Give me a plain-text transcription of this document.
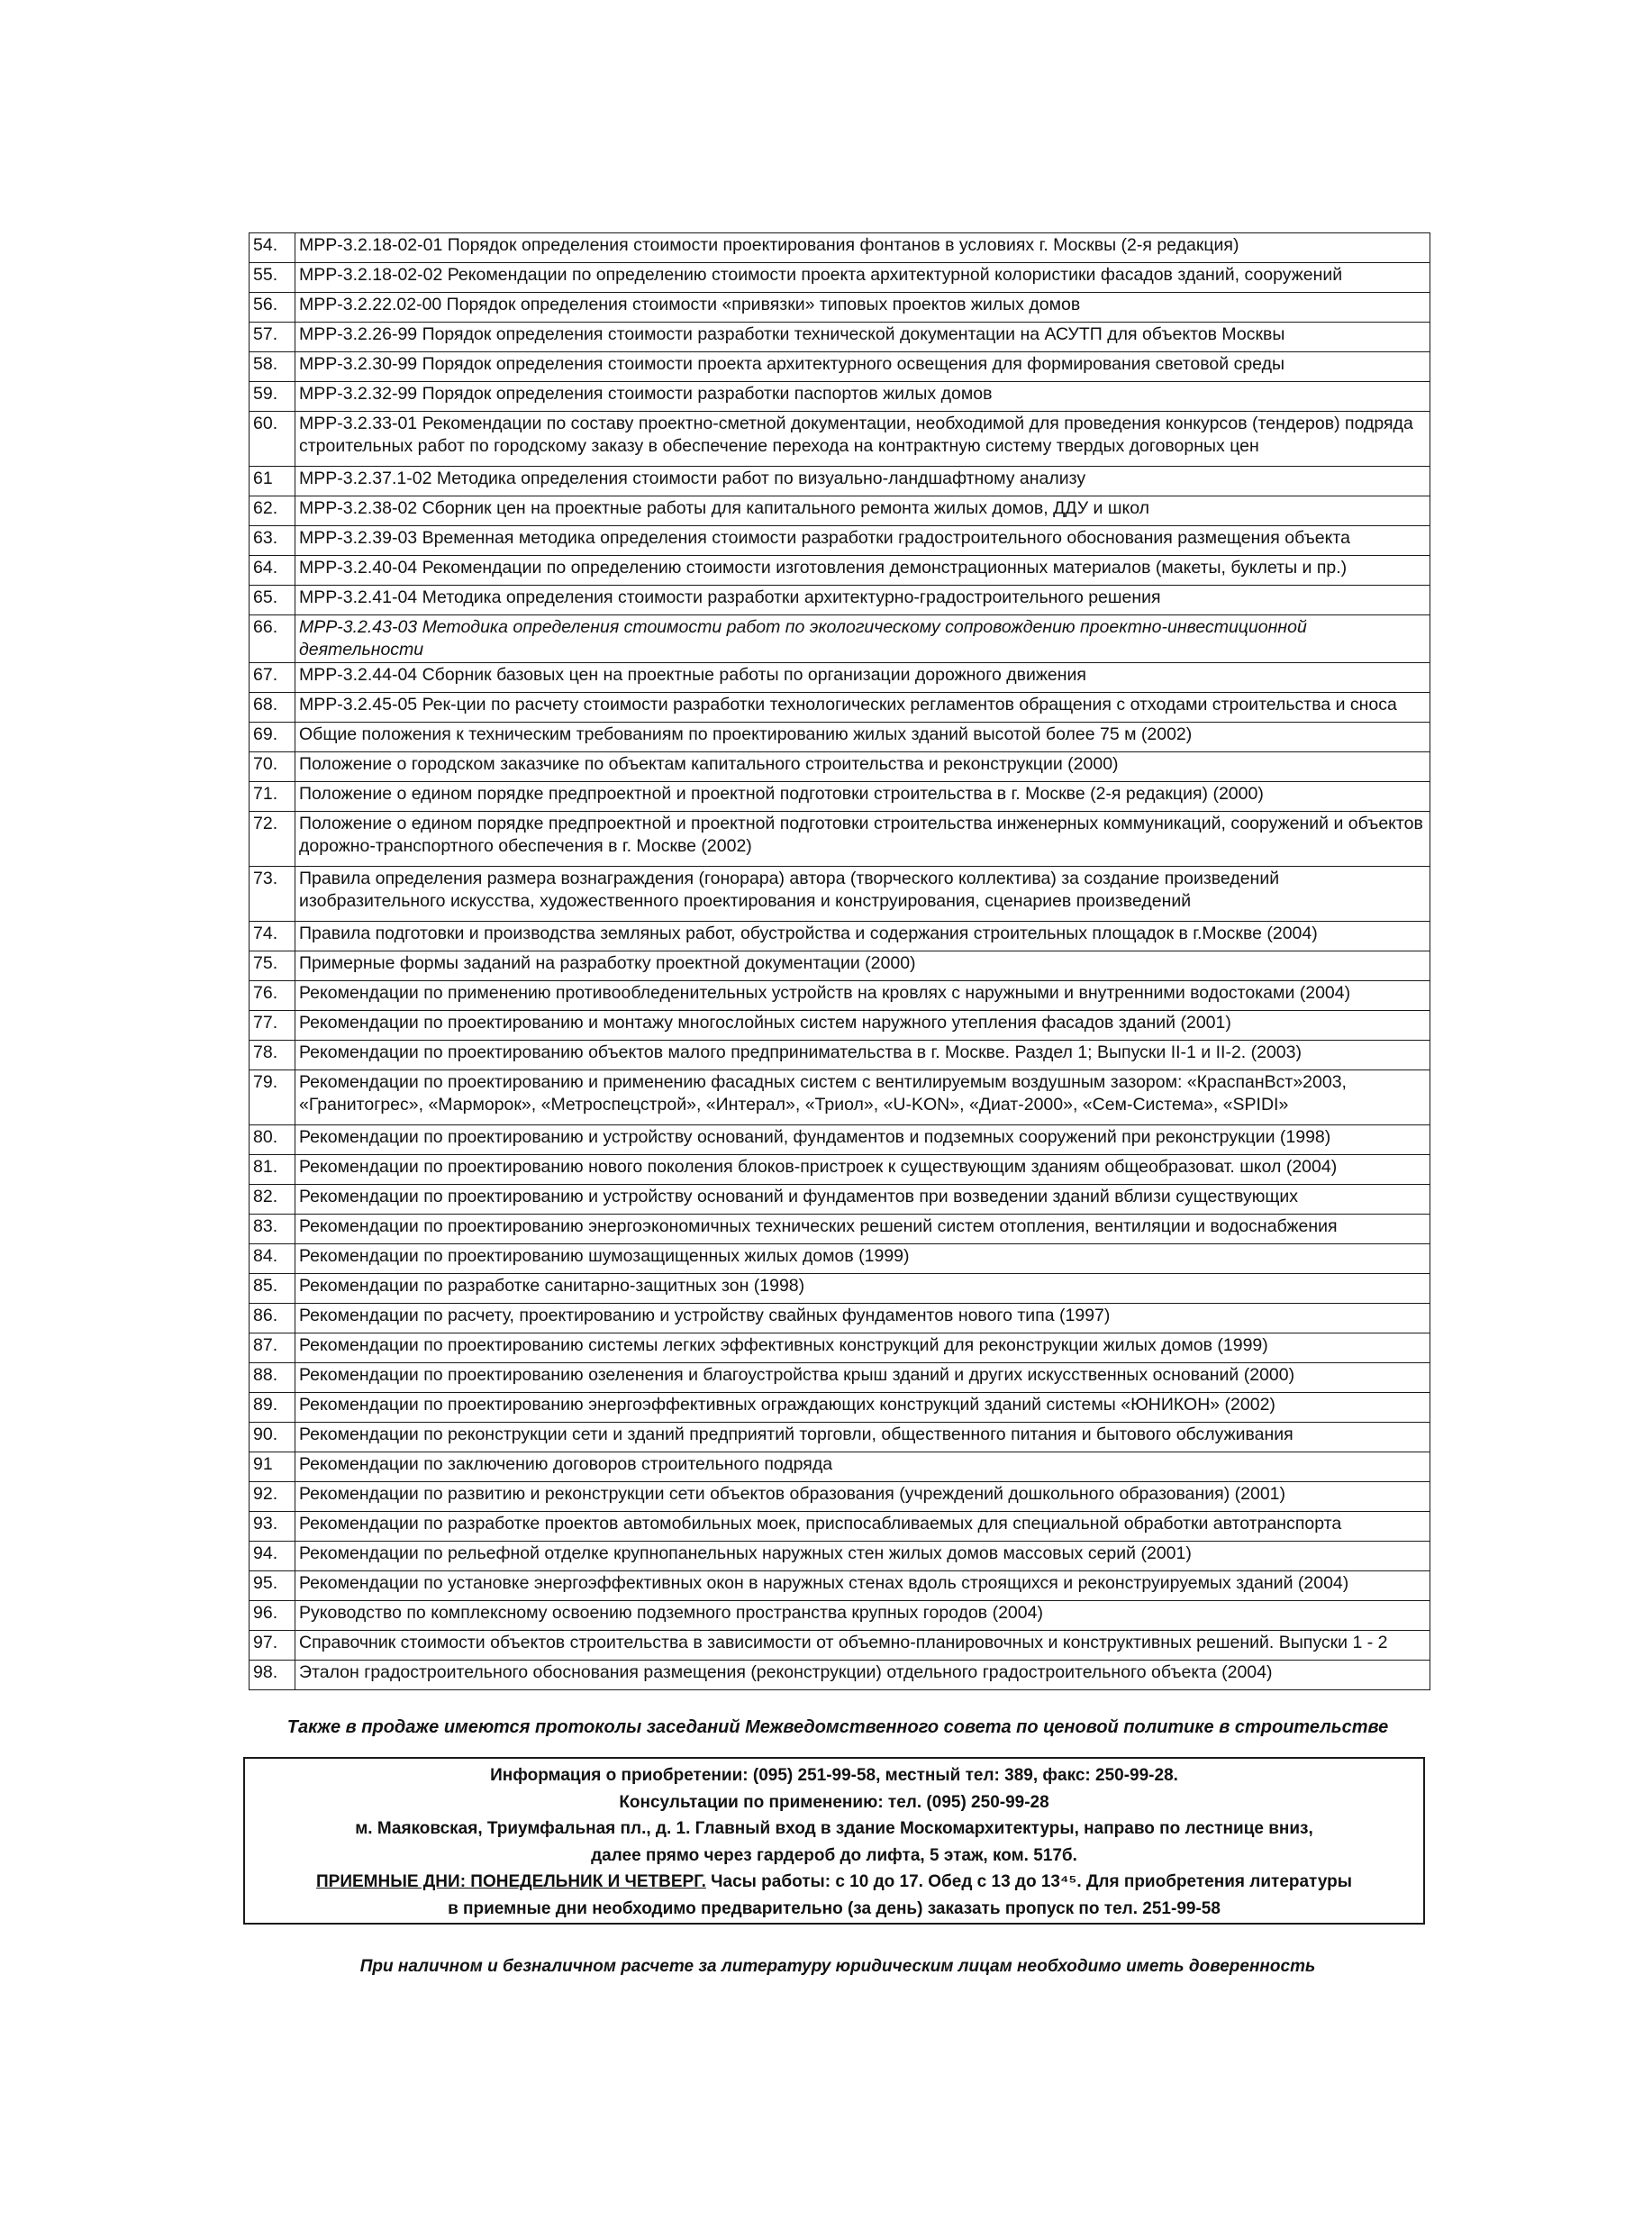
54.	МРР-3.2.18-02-01 Порядок определения стоимости проектирования фонтанов в условиях г. Москвы (2-я редакция)
55.	МРР-3.2.18-02-02 Рекомендации по определению стоимости проекта архитектурной колористики фасадов зданий, сооружений
56.	МРР-3.2.22.02-00 Порядок определения стоимости «привязки» типовых проектов жилых домов
57.	МРР-3.2.26-99 Порядок определения стоимости разработки технической документации на АСУТП для объектов Москвы
58.	МРР-3.2.30-99 Порядок определения стоимости проекта архитектурного освещения для формирования световой среды
59.	МРР-3.2.32-99 Порядок определения стоимости разработки паспортов жилых домов
60.	МРР-3.2.33-01 Рекомендации по составу проектно-сметной документации, необходимой для проведения конкурсов (тендеров) подряда строительных работ по городскому заказу в обеспечение перехода на контрактную систему твердых договорных цен
61	МРР-3.2.37.1-02 Методика определения стоимости работ по визуально-ландшафтному анализу
62.	МРР-3.2.38-02 Сборник цен на проектные работы для капитального ремонта жилых домов, ДДУ и школ
63.	МРР-3.2.39-03 Временная методика определения стоимости разработки градостроительного обоснования размещения объекта
64.	МРР-3.2.40-04 Рекомендации по определению стоимости изготовления демонстрационных материалов (макеты, буклеты и пр.)
65.	МРР-3.2.41-04 Методика определения стоимости разработки архитектурно-градостроительного решения
66.	МРР-3.2.43-03 Методика определения стоимости работ по экологическому сопровождению проектно-инвестиционной деятельности
67.	МРР-3.2.44-04 Сборник базовых цен на проектные работы по организации дорожного движения
68.	МРР-3.2.45-05 Рек-ции по расчету стоимости разработки технологических регламентов обращения с отходами строительства и сноса
69.	Общие положения к техническим требованиям по проектированию жилых зданий высотой более 75 м (2002)
70.	Положение о городском заказчике по объектам капитального строительства и реконструкции (2000)
71.	Положение о едином порядке предпроектной и проектной подготовки строительства в г. Москве (2-я редакция) (2000)
72.	Положение о едином порядке предпроектной и проектной подготовки строительства инженерных коммуникаций, сооружений и объектов дорожно-транспортного обеспечения в г. Москве (2002)
73.	Правила определения размера вознаграждения (гонорара) автора (творческого коллектива) за создание произведений изобразительного искусства, художественного проектирования и конструирования, сценариев произведений
74.	Правила подготовки и производства земляных работ, обустройства и содержания строительных площадок в г.Москве (2004)
75.	Примерные формы заданий на разработку проектной документации (2000)
76.	Рекомендации по применению противообледенительных устройств на кровлях с наружными и внутренними водостоками (2004)
77.	Рекомендации по проектированию и монтажу многослойных систем наружного утепления фасадов зданий (2001)
78.	Рекомендации по проектированию объектов малого предпринимательства в г. Москве. Раздел 1; Выпуски II-1 и II-2. (2003)
79.	Рекомендации по проектированию и применению фасадных систем с вентилируемым воздушным зазором: «КраспанВст»2003, «Гранитогрес», «Марморок», «Метроспецстрой», «Интерал», «Триол», «U-KON», «Диат-2000», «Сем-Система», «SPIDI»
80.	Рекомендации по проектированию и устройству оснований, фундаментов и подземных сооружений при реконструкции (1998)
81.	Рекомендации по проектированию нового поколения блоков-пристроек к существующим зданиям общеобразоват. школ (2004)
82.	Рекомендации по проектированию и устройству оснований и фундаментов при возведении зданий вблизи существующих
83.	Рекомендации по проектированию энергоэкономичных технических решений систем отопления, вентиляции и водоснабжения
84.	Рекомендации по проектированию шумозащищенных жилых домов (1999)
85.	Рекомендации по разработке санитарно-защитных зон (1998)
86.	Рекомендации по расчету, проектированию и устройству свайных фундаментов нового типа (1997)
87.	Рекомендации по проектированию системы легких эффективных конструкций для реконструкции жилых домов (1999)
88.	Рекомендации по проектированию озеленения и благоустройства крыш зданий и других искусственных оснований (2000)
89.	Рекомендации по проектированию энергоэффективных ограждающих конструкций зданий системы «ЮНИКОН» (2002)
90.	Рекомендации по реконструкции сети и зданий предприятий торговли, общественного питания и бытового обслуживания
91	Рекомендации по заключению договоров строительного подряда
92.	Рекомендации по развитию и реконструкции сети объектов образования (учреждений дошкольного образования) (2001)
93.	Рекомендации по разработке проектов автомобильных моек, приспосабливаемых для специальной обработки автотранспорта
94.	Рекомендации по рельефной отделке крупнопанельных наружных стен жилых домов массовых серий (2001)
95.	Рекомендации по установке энергоэффективных окон в наружных стенах вдоль строящихся и реконструируемых зданий (2004)
96.	Руководство по комплексному освоению подземного пространства крупных городов (2004)
97.	Справочник стоимости объектов строительства в зависимости от объемно-планировочных и конструктивных решений. Выпуски 1 - 2
98.	Эталон градостроительного обоснования размещения (реконструкции) отдельного градостроительного объекта (2004)
Также в продаже имеются протоколы заседаний Межведомственного совета по ценовой политике в строительстве
Информация о приобретении: (095) 251-99-58, местный тел: 389, факс: 250-99-28.
Консультации по применению: тел. (095) 250-99-28
м. Маяковская, Триумфальная пл., д. 1. Главный вход в здание Москомархитектуры, направо по лестнице вниз,
далее прямо через гардероб до лифта, 5 этаж, ком. 517б.
ПРИЕМНЫЕ ДНИ: ПОНЕДЕЛЬНИК И ЧЕТВЕРГ. Часы работы: с 10 до 17. Обед с 13 до 13⁴⁵. Для приобретения литературы
в приемные дни необходимо предварительно (за день) заказать пропуск по тел. 251-99-58
При наличном и безналичном расчете за литературу юридическим лицам необходимо иметь доверенность
